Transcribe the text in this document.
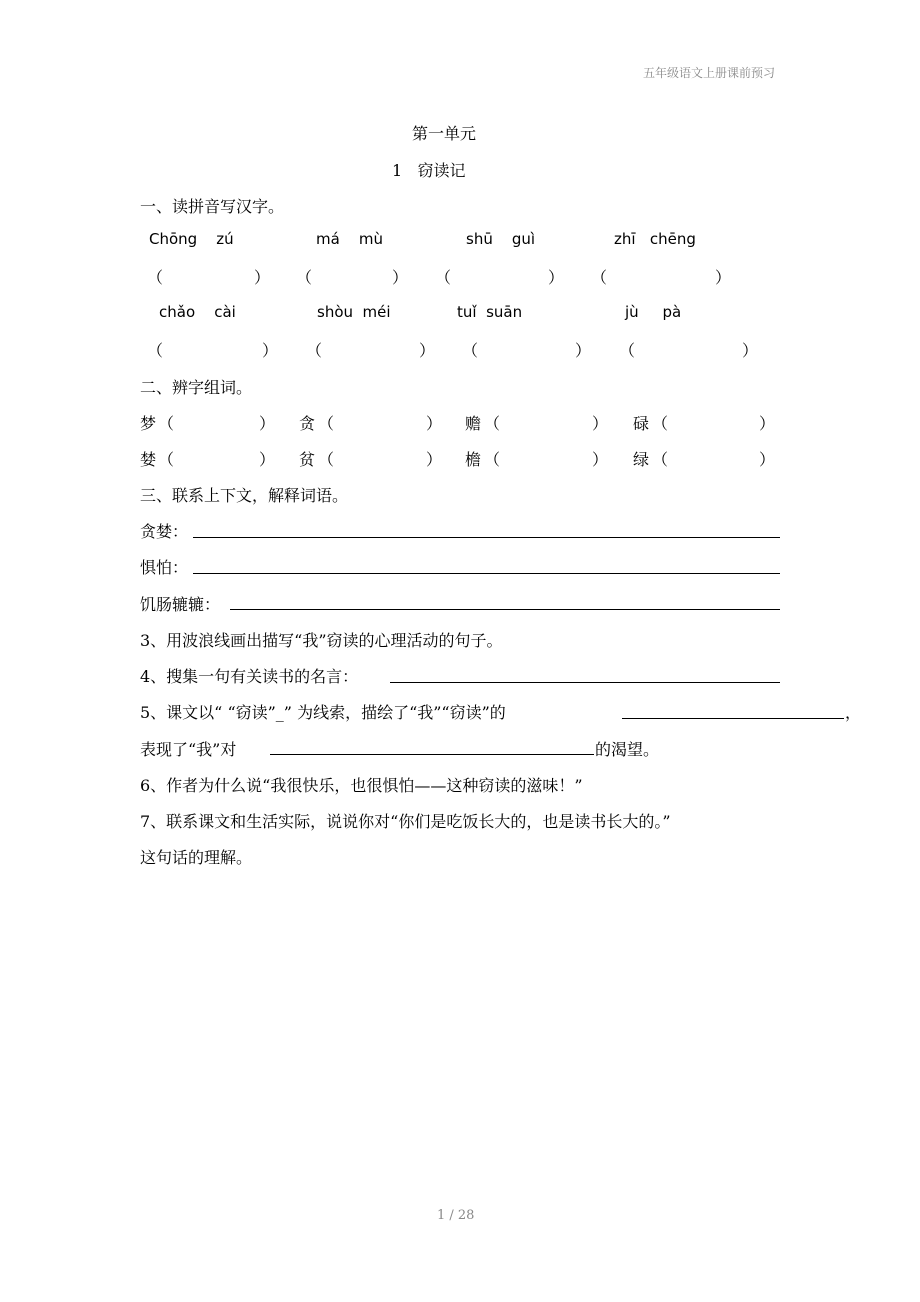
五年级语文上册课前预习
第一单元
1   窃读记
一、读拼音写汉字。
Chōng    zú	má    mù	shū    guì	zhī   chēng
（	） （	） （	） （	）
chǎo    cài	shòu  méi	tuǐ  suān	jù     pà
（	） （	） （	） （	）
二、辨字组词。
梦 （	） 贪 （	） 赡 （	） 碌 （	）
婪 （	） 贫 （	） 檐 （	） 绿 （	）
三、联系上下文，解释词语。
贪婪：
惧怕：
饥肠辘辘：
3、用波浪线画出描写“我”窃读的心理活动的句子。
4、搜集一句有关读书的名言：
5、课文以“ “窃读”_” 为线索，描绘了“我”“窃读”的	，
表现了“我”对	的渴望。
6、作者为什么说“我很快乐，也很惧怕——这种窃读的滋味！”
7、联系课文和生活实际，说说你对“你们是吃饭长大的，也是读书长大的。”
这句话的理解。
1 / 28
